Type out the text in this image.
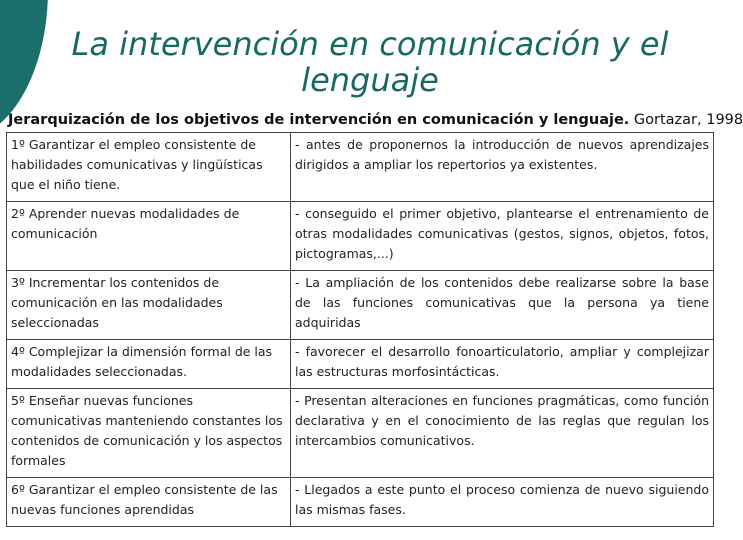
La intervención en comunicación y el lenguaje
Jerarquización de los objetivos de intervención en comunicación y lenguaje. Gortazar, 1998
1º Garantizar el empleo consistente de habilidades comunicativas y lingüísticas que el niño tiene.	- antes de proponernos la introducción de nuevos aprendizajes dirigidos a ampliar los repertorios ya existentes.
2º Aprender nuevas modalidades de comunicación	- conseguido el primer objetivo, plantearse el entrenamiento de otras modalidades comunicativas (gestos, signos, objetos, fotos, pictogramas,...)
3º Incrementar los contenidos de comunicación en las modalidades seleccionadas	- La ampliación de los contenidos debe realizarse sobre la base de las funciones comunicativas que la persona ya tiene adquiridas
4º Complejizar la dimensión formal de las modalidades seleccionadas.	- favorecer el desarrollo fonoarticulatorio, ampliar y complejizar las estructuras morfosintácticas.
5º Enseñar nuevas funciones comunicativas manteniendo constantes los contenidos de comunicación y los aspectos formales	- Presentan alteraciones en funciones pragmáticas, como función declarativa y en el conocimiento de las reglas que regulan los intercambios comunicativos.
6º Garantizar el empleo consistente de las nuevas funciones aprendidas	- Llegados a este punto el proceso comienza de nuevo siguiendo las mismas fases.
